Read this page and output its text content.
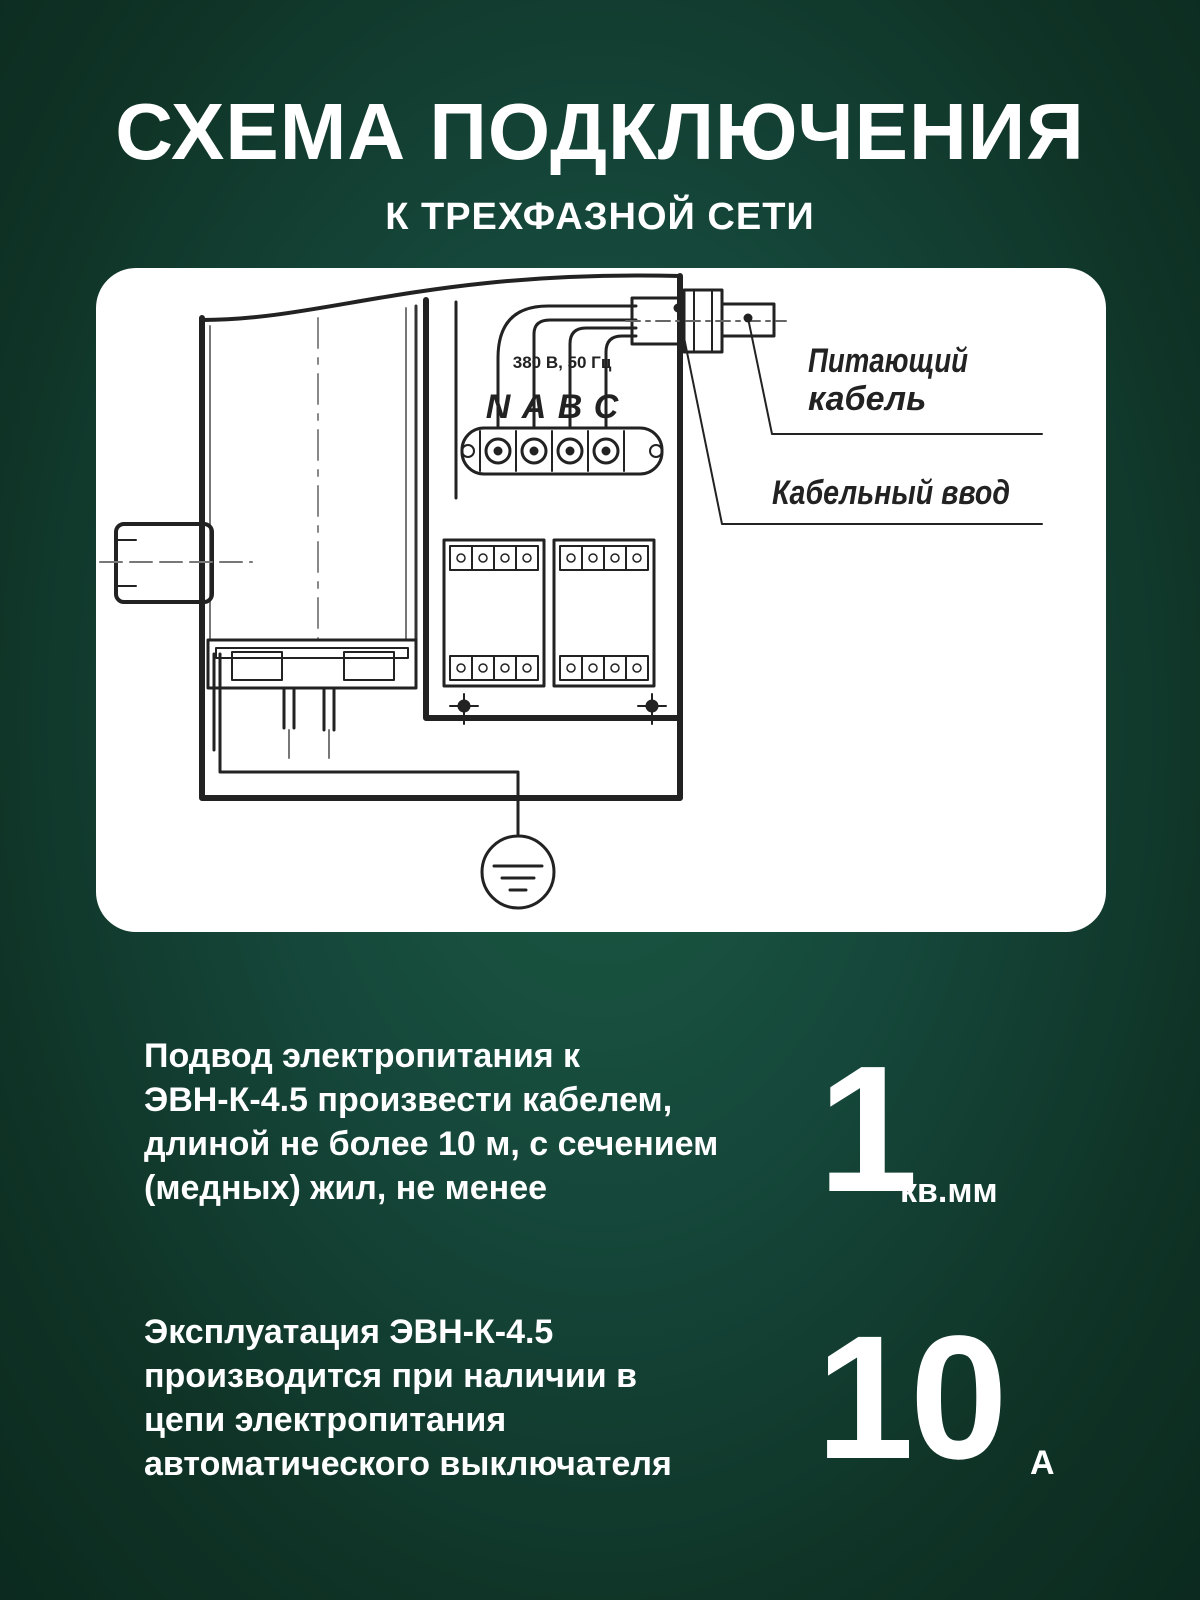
СХЕМА ПОДКЛЮЧЕНИЯ
К ТРЕХФАЗНОЙ СЕТИ
380 В, 50 Гц
N A B C
Питающий
кабель
Кабельный ввод
Подвод электропитания к
ЭВН-К-4.5 произвести кабелем,
длиной не более 10 м, с сечением
(медных) жил, не менее	1
кв.мм
Эксплуатация ЭВН-К-4.5
производится при наличии в
цепи электропитания
автоматического выключателя 10 А
